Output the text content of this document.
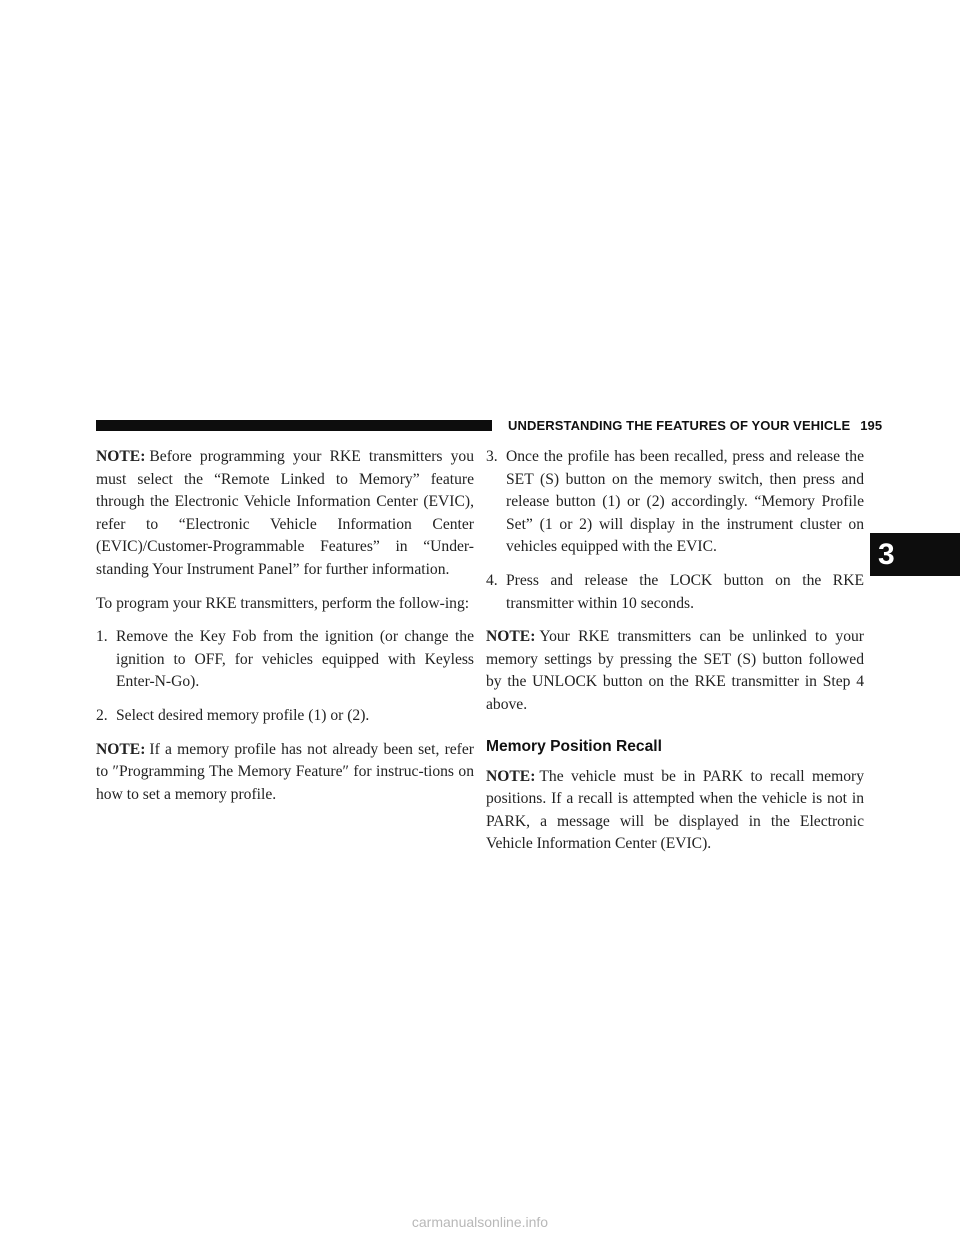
UNDERSTANDING THE FEATURES OF YOUR VEHICLE 195
3

NOTE: Before programming your RKE transmitters you must select the “Remote Linked to Memory” feature through the Electronic Vehicle Information Center (EVIC), refer to “Electronic Vehicle Information Center (EVIC)/Customer-Programmable Features” in “Under-standing Your Instrument Panel” for further information.

To program your RKE transmitters, perform the follow-ing:

1. Remove the Key Fob from the ignition (or change the ignition to OFF, for vehicles equipped with Keyless Enter-N-Go).
2. Select desired memory profile (1) or (2).

NOTE: If a memory profile has not already been set, refer to ″Programming The Memory Feature″ for instruc-tions on how to set a memory profile.

3. Once the profile has been recalled, press and release the SET (S) button on the memory switch, then press and release button (1) or (2) accordingly. “Memory Profile Set” (1 or 2) will display in the instrument cluster on vehicles equipped with the EVIC.
4. Press and release the LOCK button on the RKE transmitter within 10 seconds.

NOTE: Your RKE transmitters can be unlinked to your memory settings by pressing the SET (S) button followed by the UNLOCK button on the RKE transmitter in Step 4 above.

Memory Position Recall

NOTE: The vehicle must be in PARK to recall memory positions. If a recall is attempted when the vehicle is not in PARK, a message will be displayed in the Electronic Vehicle Information Center (EVIC).

carmanualsonline.info
